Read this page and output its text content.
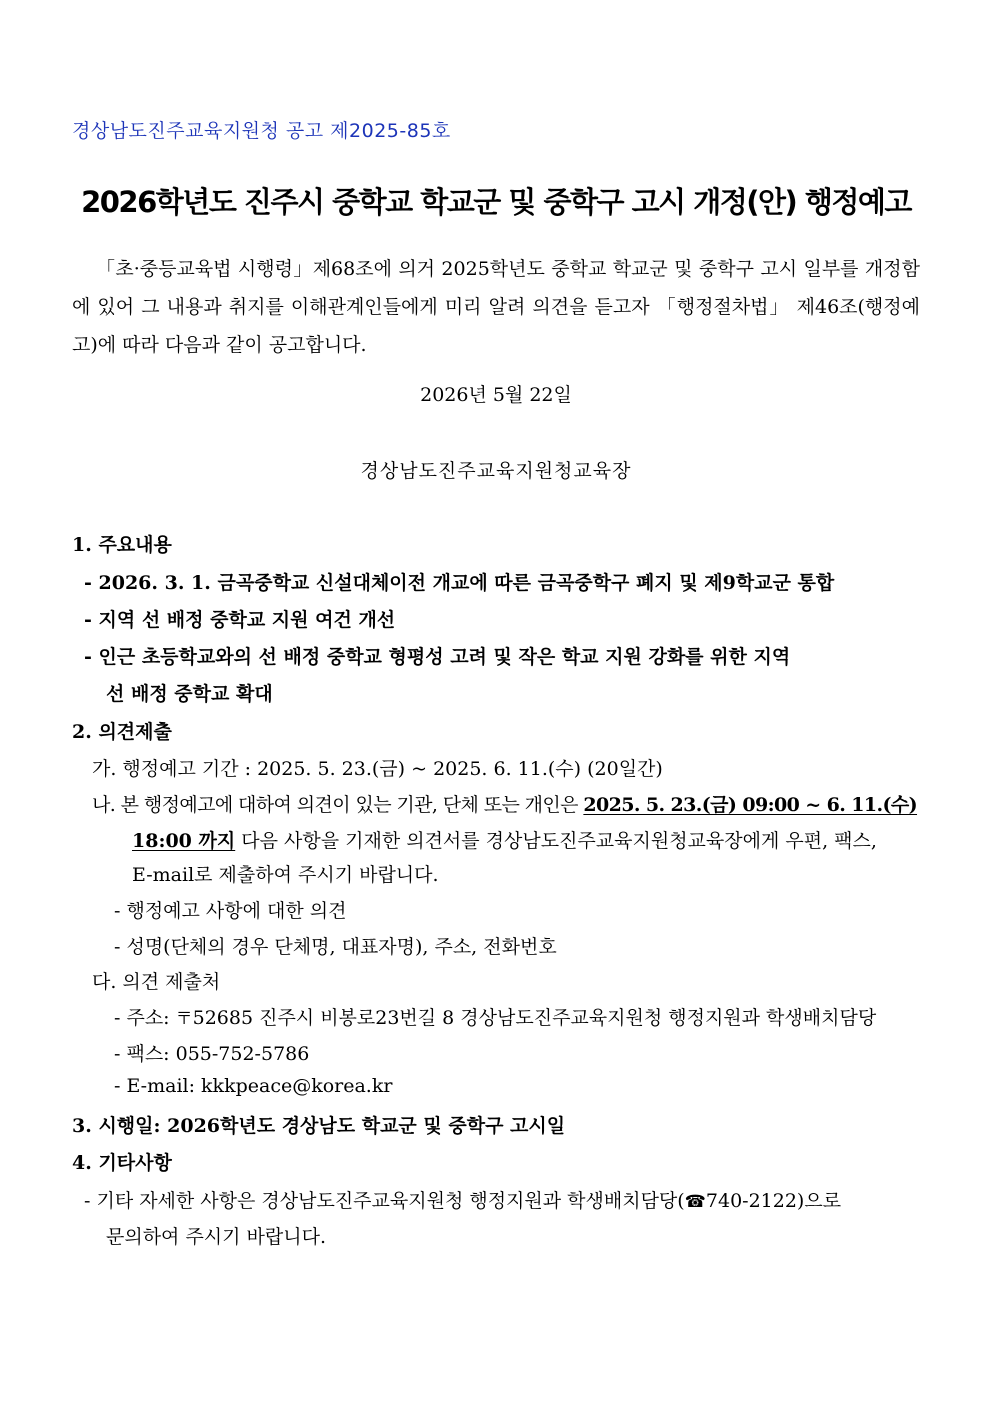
경상남도진주교육지원청 공고 제2025-85호
2026학년도 진주시 중학교 학교군 및 중학구 고시 개정(안) 행정예고
「초·중등교육법 시행령」제68조에 의거 2025학년도 중학교 학교군 및 중학구 고시 일부를 개정함에 있어 그 내용과 취지를 이해관계인들에게 미리 알려 의견을 듣고자 「행정절차법」 제46조(행정예고)에 따라 다음과 같이 공고합니다.
2026년 5월 22일
경상남도진주교육지원청교육장
1. 주요내용
- 2026. 3. 1. 금곡중학교 신설대체이전 개교에 따른 금곡중학구 폐지 및 제9학교군 통합
- 지역 선 배정 중학교 지원 여건 개선
- 인근 초등학교와의 선 배정 중학교 형평성 고려 및 작은 학교 지원 강화를 위한 지역
선 배정 중학교 확대
2. 의견제출
가. 행정예고 기간 : 2025. 5. 23.(금) ~ 2025. 6. 11.(수) (20일간)
나. 본 행정예고에 대하여 의견이 있는 기관, 단체 또는 개인은 2025. 5. 23.(금) 09:00 ~ 6. 11.(수)
18:00 까지 다음 사항을 기재한 의견서를 경상남도진주교육지원청교육장에게 우편, 팩스,
E-mail로 제출하여 주시기 바랍니다.
- 행정예고 사항에 대한 의견
- 성명(단체의 경우 단체명, 대표자명), 주소, 전화번호
다. 의견 제출처
- 주소: 〒52685 진주시 비봉로23번길 8 경상남도진주교육지원청 행정지원과 학생배치담당
- 팩스: 055-752-5786
- E-mail: kkkpeace@korea.kr
3. 시행일: 2026학년도 경상남도 학교군 및 중학구 고시일
4. 기타사항
- 기타 자세한 사항은 경상남도진주교육지원청 행정지원과 학생배치담당(☎740-2122)으로
문의하여 주시기 바랍니다.
